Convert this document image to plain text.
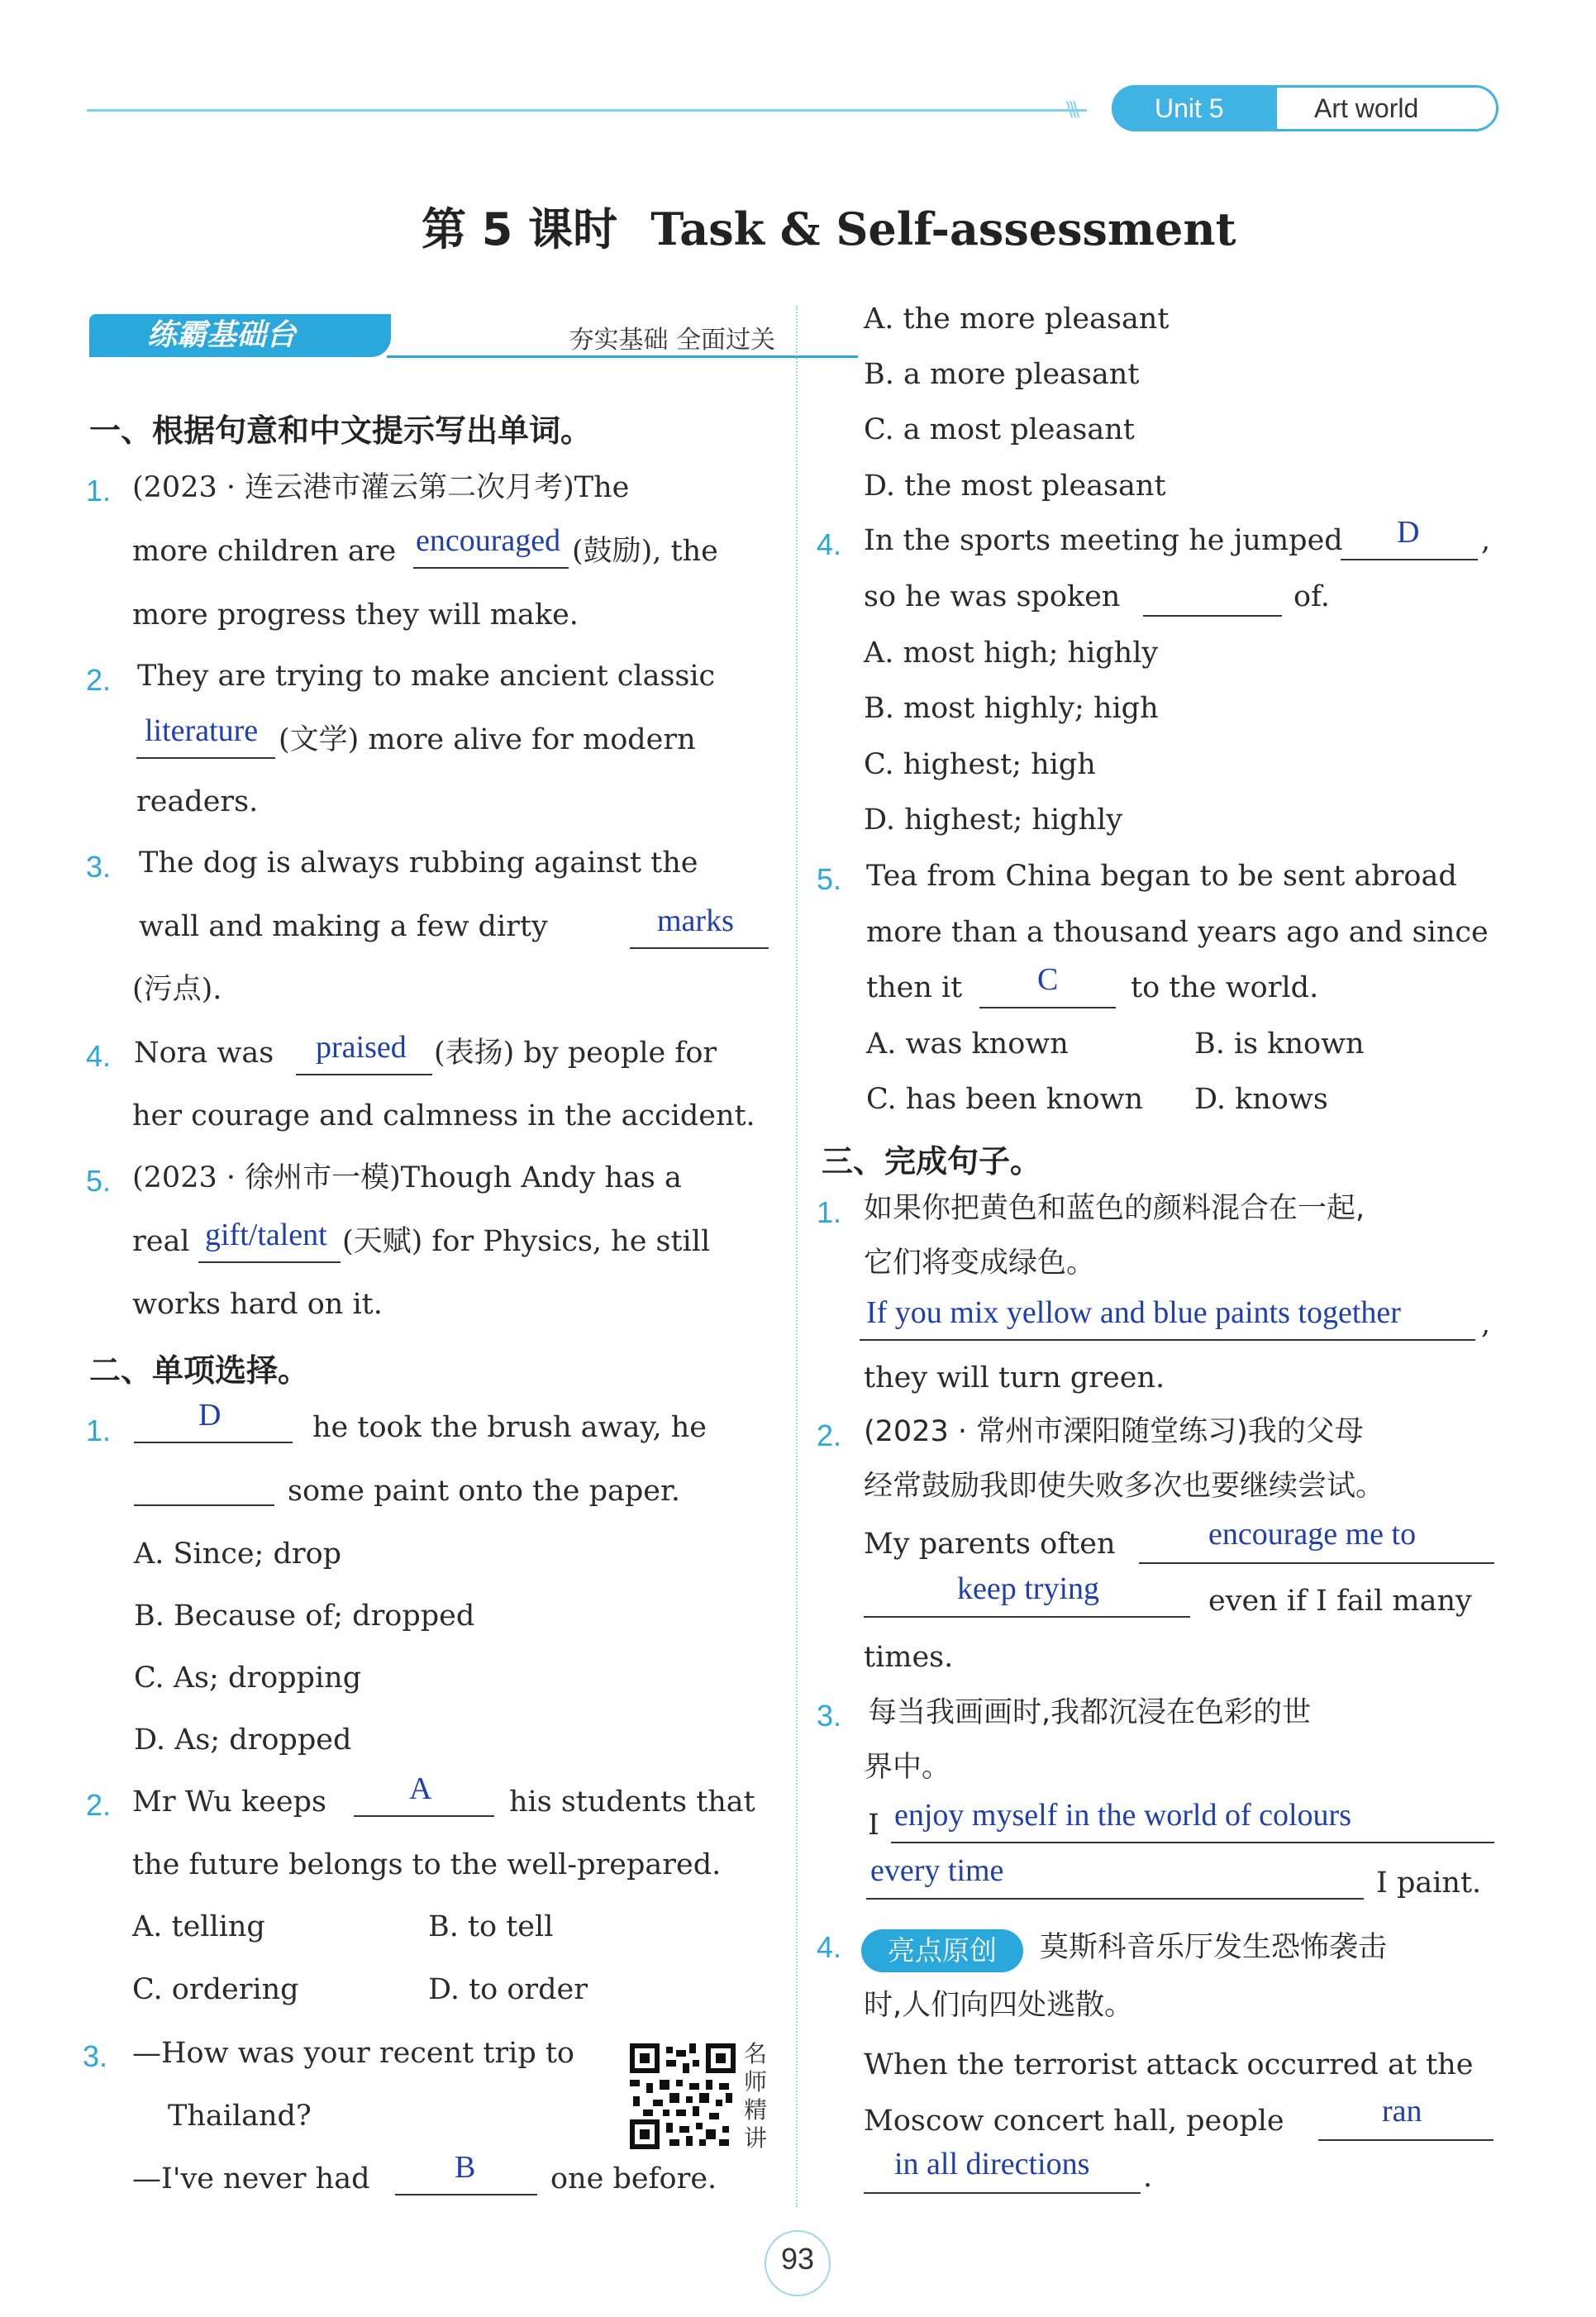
\\\	Unit 5	Art world
第 5 课时 Task & Self-assessment
练霸基础台	夯实基础 全面过关
一、根据句意和中文提示写出单词。
1. (2023 · 连云港市灌云第二次月考)The
more children are encouraged (鼓励), the
more progress they will make.
2. They are trying to make ancient classic
literature (文学) more alive for modern
readers.
3. The dog is always rubbing against the
wall and making a few dirty	marks
(污点).
4. Nora was praised (表扬) by people for
her courage and calmness in the accident.
5. (2023 · 徐州市一模)Though Andy has a
real gift/talent (天赋) for Physics, he still
works hard on it.
二、单项选择。
1.	D	he took the brush away, he
some paint onto the paper.
A. Since; drop
B. Because of; dropped
C. As; dropping
D. As; dropped
2. Mr Wu keeps	A	his students that
the future belongs to the well-prepared.
A. telling	B. to tell
C. ordering	D. to order
3. —How was your recent trip to
Thailand?
—I've never had	B	one before.
名
师
精
讲
A. the more pleasant
B. a more pleasant
C. a most pleasant
D. the most pleasant
4. In the sports meeting he jumped D ,
so he was spoken	of.
A. most high; highly
B. most highly; high
C. highest; high
D. highest; highly
5. Tea from China began to be sent abroad
more than a thousand years ago and since
then it C	to the world.
A. was known	B. is known
C. has been known D. knows
三、完成句子。
1. 如果你把黄色和蓝色的颜料混合在一起,
它们将变成绿色。
If you mix yellow and blue paints together	,
they will turn green.
2. (2023 · 常州市溧阳随堂练习)我的父母
经常鼓励我即使失败多次也要继续尝试。
My parents often	encourage me to
keep trying	even if I fail many
times.
3. 每当我画画时,我都沉浸在色彩的世
界中。
I enjoy myself in the world of colours
every time	I paint.
4.	亮点原创	莫斯科音乐厅发生恐怖袭击
时,人们向四处逃散。
When the terrorist attack occurred at the
Moscow concert hall, people	ran
in all directions .
93
